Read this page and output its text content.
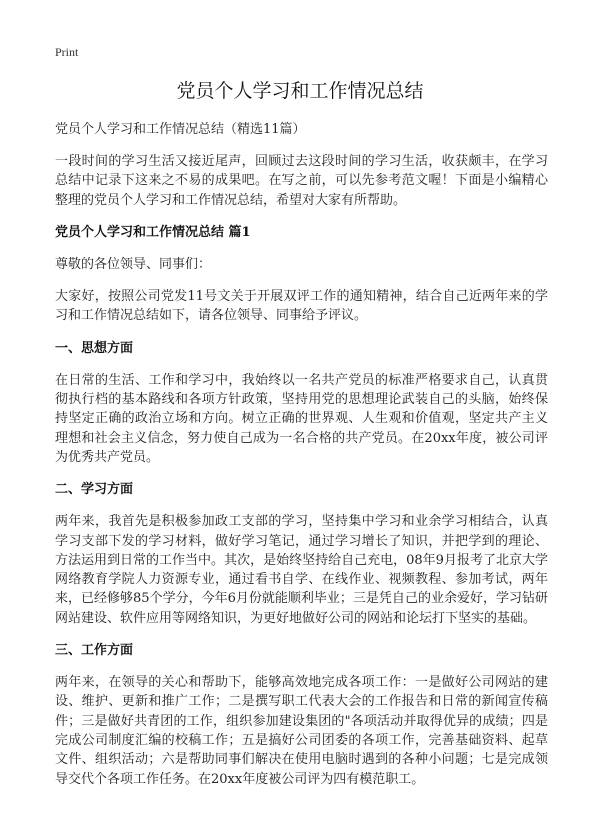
Print
党员个人学习和工作情况总结
党员个人学习和工作情况总结（精选11篇）

一段时间的学习生活又接近尾声，回顾过去这段时间的学习生活，收获颇丰，在学习总结中记录下这来之不易的成果吧。在写之前，可以先参考范文喔！下面是小编精心整理的党员个人学习和工作情况总结，希望对大家有所帮助。

党员个人学习和工作情况总结 篇1

尊敬的各位领导、同事们：

大家好，按照公司党发11号文关于开展双评工作的通知精神，结合自己近两年来的学习和工作情况总结如下，请各位领导、同事给予评议。

一、思想方面

在日常的生活、工作和学习中，我始终以一名共产党员的标准严格要求自己，认真贯彻执行档的基本路线和各项方针政策，坚持用党的思想理论武装自己的头脑，始终保持坚定正确的政治立场和方向。树立正确的世界观、人生观和价值观，坚定共产主义理想和社会主义信念，努力使自己成为一名合格的共产党员。在20xx年度，被公司评为优秀共产党员。

二、学习方面

两年来，我首先是积极参加政工支部的学习，坚持集中学习和业余学习相结合，认真学习支部下发的学习材料，做好学习笔记，通过学习增长了知识，并把学到的理论、方法运用到日常的工作当中。其次，是始终坚持给自己充电，08年9月报考了北京大学网络教育学院人力资源专业，通过看书自学、在线作业、视频教程、参加考试，两年来，已经修够85个学分，今年6月份就能顺利毕业；三是凭自己的业余爱好，学习钻研网站建设、软件应用等网络知识，为更好地做好公司的网站和论坛打下坚实的基础。

三、工作方面

两年来，在领导的关心和帮助下，能够高效地完成各项工作：一是做好公司网站的建设、维护、更新和推广工作；二是撰写职工代表大会的工作报告和日常的新闻宣传稿件；三是做好共青团的工作，组织参加建设集团的"各项活动并取得优异的成绩；四是完成公司制度汇编的校稿工作；五是搞好公司团委的各项工作，完善基础资料、起草文件、组织活动；六是帮助同事们解决在使用电脑时遇到的各种小问题；七是完成领导交代个各项工作任务。在20xx年度被公司评为四有模范职工。
